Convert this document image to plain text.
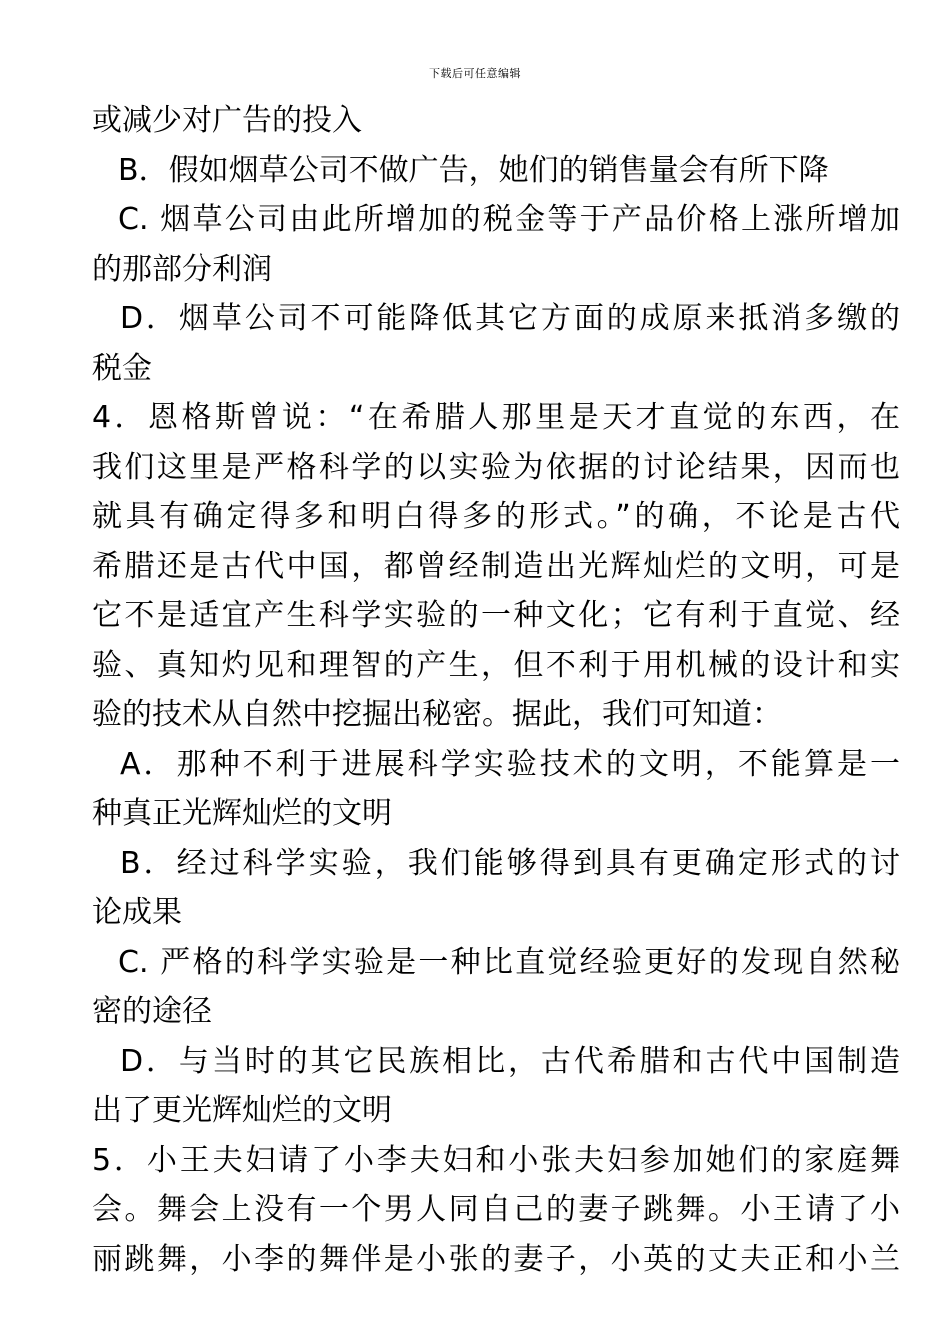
下载后可任意编辑
或减少对广告的投入
B．假如烟草公司不做广告，她们的销售量会有所下降
C. 烟草公司由此所增加的税金等于产品价格上涨所增加
的那部分利润
D．烟草公司不可能降低其它方面的成原来抵消多缴的
税金
4．恩格斯曾说：“在希腊人那里是天才直觉的东西，在
我们这里是严格科学的以实验为依据的讨论结果，因而也
就具有确定得多和明白得多的形式。”的确，不论是古代
希腊还是古代中国，都曾经制造出光辉灿烂的文明，可是
它不是适宜产生科学实验的一种文化；它有利于直觉、经
验、真知灼见和理智的产生，但不利于用机械的设计和实
验的技术从自然中挖掘出秘密。据此，我们可知道：
A．那种不利于进展科学实验技术的文明，不能算是一
种真正光辉灿烂的文明
B．经过科学实验，我们能够得到具有更确定形式的讨
论成果
C. 严格的科学实验是一种比直觉经验更好的发现自然秘
密的途径
D．与当时的其它民族相比，古代希腊和古代中国制造
出了更光辉灿烂的文明
5．小王夫妇请了小李夫妇和小张夫妇参加她们的家庭舞
会。舞会上没有一个男人同自己的妻子跳舞。小王请了小
丽跳舞，小李的舞伴是小张的妻子，小英的丈夫正和小兰
